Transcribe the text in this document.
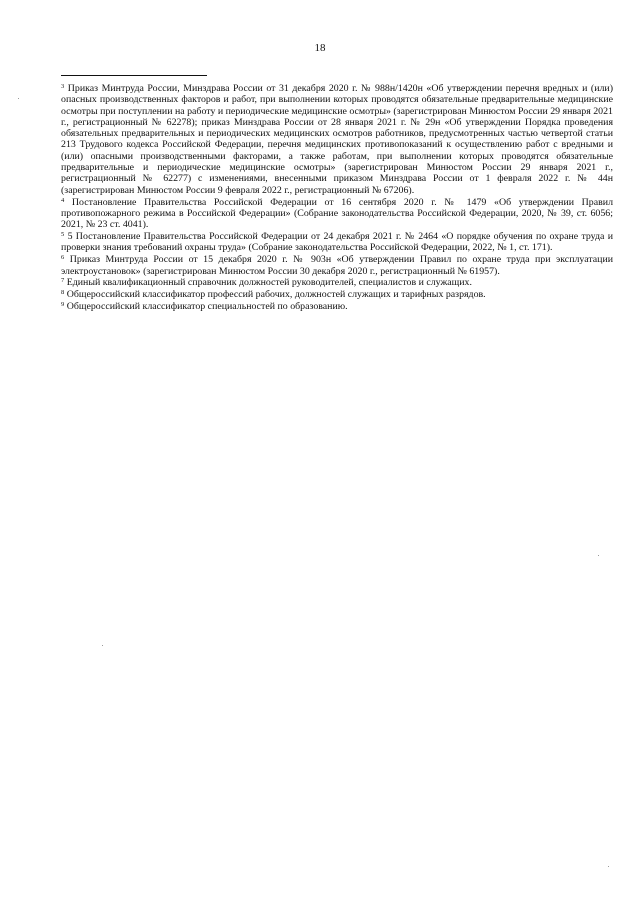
18

$^3$ Приказ Минтруда России, Минздрава России от 31 декабря 2020 г. № 988н/1420н «Об утверждении перечня вредных и (или) опасных производственных факторов и работ, при выполнении которых проводятся обязательные предварительные медицинские осмотры при поступлении на работу и периодические медицинские осмотры» (зарегистрирован Минюстом России 29 января 2021 г., регистрационный № 62278); приказ Минздрава России от 28 января 2021 г. № 29н «Об утверждении Порядка проведения обязательных предварительных и периодических медицинских осмотров работников, предусмотренных частью четвертой статьи 213 Трудового кодекса Российской Федерации, перечня медицинских противопоказаний к осуществлению работ с вредными и (или) опасными производственными факторами, а также работам, при выполнении которых проводятся обязательные предварительные и периодические медицинские осмотры» (зарегистрирован Минюстом России 29 января 2021 г., регистрационный № 62277) с изменениями, внесенными приказом Минздрава России от 1 февраля 2022 г. № 44н (зарегистрирован Минюстом России 9 февраля 2022 г., регистрационный № 67206).

$^4$ Постановление Правительства Российской Федерации от 16 сентября 2020 г. № 1479 «Об утверждении Правил противопожарного режима в Российской Федерации» (Собрание законодательства Российской Федерации, 2020, № 39, ст. 6056; 2021, № 23 ст. 4041).

$^5$ 5 Постановление Правительства Российской Федерации от 24 декабря 2021 г. № 2464 «О порядке обучения по охране труда и проверки знания требований охраны труда» (Собрание законодательства Российской Федерации, 2022, № 1, ст. 171).

$^6$ Приказ Минтруда России от 15 декабря 2020 г. № 903н «Об утверждении Правил по охране труда при эксплуатации электроустановок» (зарегистрирован Минюстом России 30 декабря 2020 г., регистрационный № 61957).

$^7$ Единый квалификационный справочник должностей руководителей, специалистов и служащих.

$^8$ Общероссийский классификатор профессий рабочих, должностей служащих и тарифных разрядов.

$^9$ Общероссийский классификатор специальностей по образованию.
